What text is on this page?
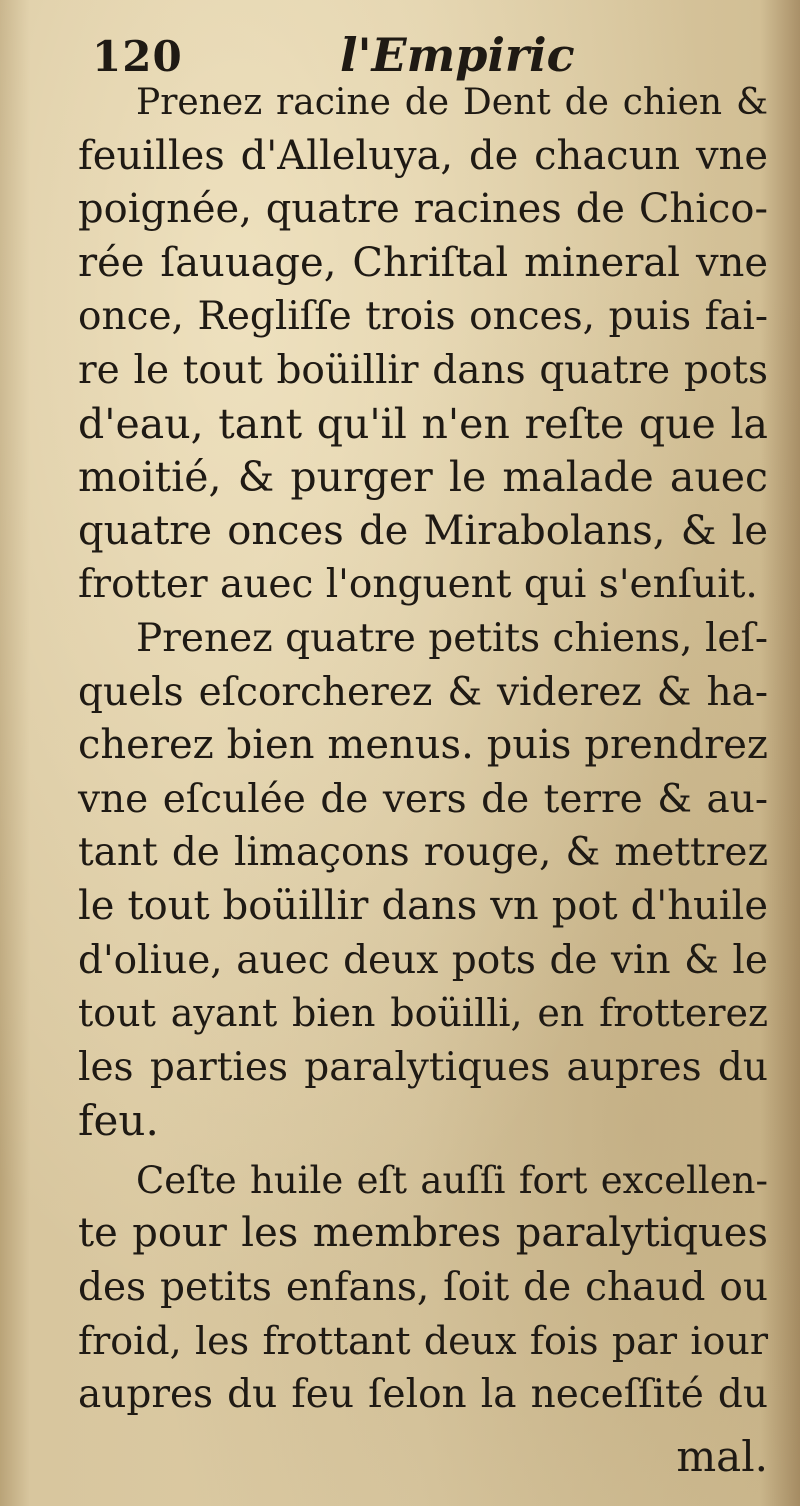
120	l'Empiric
Prenez racine de Dent de chien &
feuilles d'Alleluya, de chacun vne
poignée, quatre racines de Chico-
rée ſauuage, Chriſtal mineral vne
once, Regliſſe trois onces, puis fai-
re le tout boüillir dans quatre pots
d'eau, tant qu'il n'en reſte que la
moitié, & purger le malade auec
quatre onces de Mirabolans, & le
frotter auec l'onguent qui s'enſuit.
Prenez quatre petits chiens, leſ-
quels eſcorcherez & viderez & ha-
cherez bien menus. puis prendrez
vne eſculée de vers de terre & au-
tant de limaçons rouge, & mettrez
le tout boüillir dans vn pot d'huile
d'oliue, auec deux pots de vin & le
tout ayant bien boüilli, en frotterez
les parties paralytiques aupres du
feu.
Ceſte huile eſt auſſi fort excellen-
te pour les membres paralytiques
des petits enfans, ſoit de chaud ou
froid, les frottant deux fois par iour
aupres du feu ſelon la neceſſité du
mal.
